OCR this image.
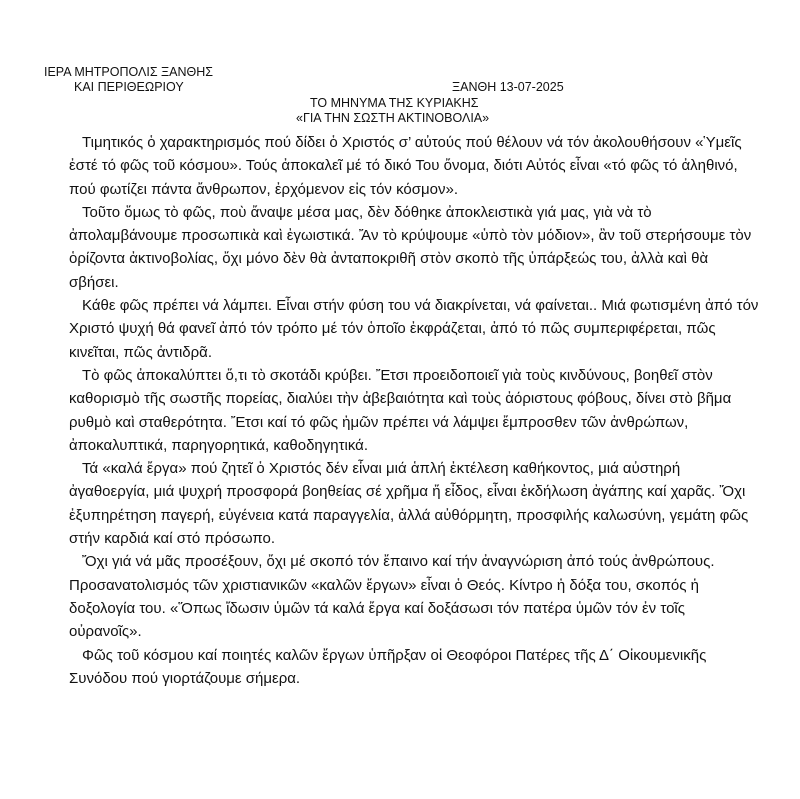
ΙΕΡΑ ΜΗΤΡΟΠΟΛΙΣ ΞΑΝΘΗΣ
ΚΑΙ ΠΕΡΙΘΕΩΡΙΟΥ	ΞΑΝΘΗ 13-07-2025
ΤΟ ΜΗΝΥΜΑ ΤΗΣ ΚΥΡΙΑΚΗΣ
«ΓΙΑ ΤΗΝ ΣΩΣΤΗ ΑΚΤΙΝΟΒΟΛΙΑ»

Τιμητικός ὁ χαρακτηρισμός πού δίδει ὁ Χριστός σ’ αὐτούς πού θέλουν νά τόν ἀκολουθήσουν «Ὑμεῖς ἐστέ τό φῶς τοῦ κόσμου». Τούς ἀποκαλεῖ μέ τό δικό Του ὄνομα, διότι Αὐτός εἶναι «τό φῶς τό ἀληθινό, πού φωτίζει πάντα ἄνθρωπον, ἐρχόμενον εἰς τόν κόσμον».

Τοῦτο ὅμως τὸ φῶς, ποὺ ἄναψε μέσα μας, δὲν δόθηκε ἀποκλειστικὰ γιά μας, γιὰ νὰ τὸ ἀπολαμβάνουμε προσωπικὰ καὶ ἐγωιστικά. Ἄν τὸ κρύψουμε «ὑπὸ τὸν μόδιον», ἂν τοῦ στερήσουμε τὸν ὁρίζοντα ἀκτινοβολίας, ὄχι μόνο δὲν θὰ ἀνταποκριθῆ στὸν σκοπὸ τῆς ὑπάρξεώς του, ἀλλὰ καὶ θὰ σβήσει.

Κάθε φῶς πρέπει νά λάμπει. Εἶναι στήν φύση του νά διακρίνεται, νά φαίνεται.. Μιά φωτισμένη ἀπό τόν Χριστό ψυχή θά φανεῖ ἀπό τόν τρόπο μέ τόν ὁποῖο ἐκφράζεται, ἀπό τό πῶς συμπεριφέρεται, πῶς κινεῖται, πῶς ἀντιδρᾶ.

Τὸ φῶς ἀποκαλύπτει ὅ,τι τὸ σκοτάδι κρύβει. Ἔτσι προειδοποιεῖ γιὰ τοὺς κινδύνους, βοηθεῖ στὸν καθορισμὸ τῆς σωστῆς πορείας, διαλύει τὴν ἀβεβαιότητα καὶ τοὺς ἀόριστους φόβους, δίνει στὸ βῆμα ρυθμὸ καὶ σταθερότητα. Ἔτσι καί τό φῶς ἡμῶν πρέπει νά λάμψει ἔμπροσθεν τῶν ἀνθρώπων, ἀποκαλυπτικά, παρηγορητικά, καθοδηγητικά.

Τά «καλά ἔργα» πού ζητεῖ ὁ Χριστός δέν εἶναι μιά ἁπλή ἐκτέλεση καθήκοντος, μιά αὐστηρή ἀγαθοεργία, μιά ψυχρή προσφορά βοηθείας σέ χρῆμα ἤ εἶδος, εἶναι ἐκδήλωση ἀγάπης καί χαρᾶς. Ὄχι ἐξυπηρέτηση παγερή, εὐγένεια κατά παραγγελία, ἀλλά αὐθόρμητη, προσφιλής καλωσύνη, γεμάτη φῶς στήν καρδιά καί στό πρόσωπο.

Ὄχι γιά νά μᾶς προσέξουν, ὄχι μέ σκοπό τόν ἔπαινο καί τήν ἀναγνώριση ἀπό τούς ἀνθρώπους. Προσανατολισμός τῶν χριστιανικῶν «καλῶν ἔργων» εἶναι ὁ Θεός. Κίντρο ἡ δόξα του, σκοπός ἡ δοξολογία του. «Ὅπως ἴδωσιν ὑμῶν τά καλά ἔργα καί δοξάσωσι τόν πατέρα ὑμῶν τόν ἐν τοῖς οὐρανοῖς».

Φῶς τοῦ κόσμου καί ποιητές καλῶν ἔργων ὑπῆρξαν οἱ Θεοφόροι Πατέρες τῆς Δ΄ Οἰκουμενικῆς Συνόδου πού γιορτάζουμε σήμερα.
